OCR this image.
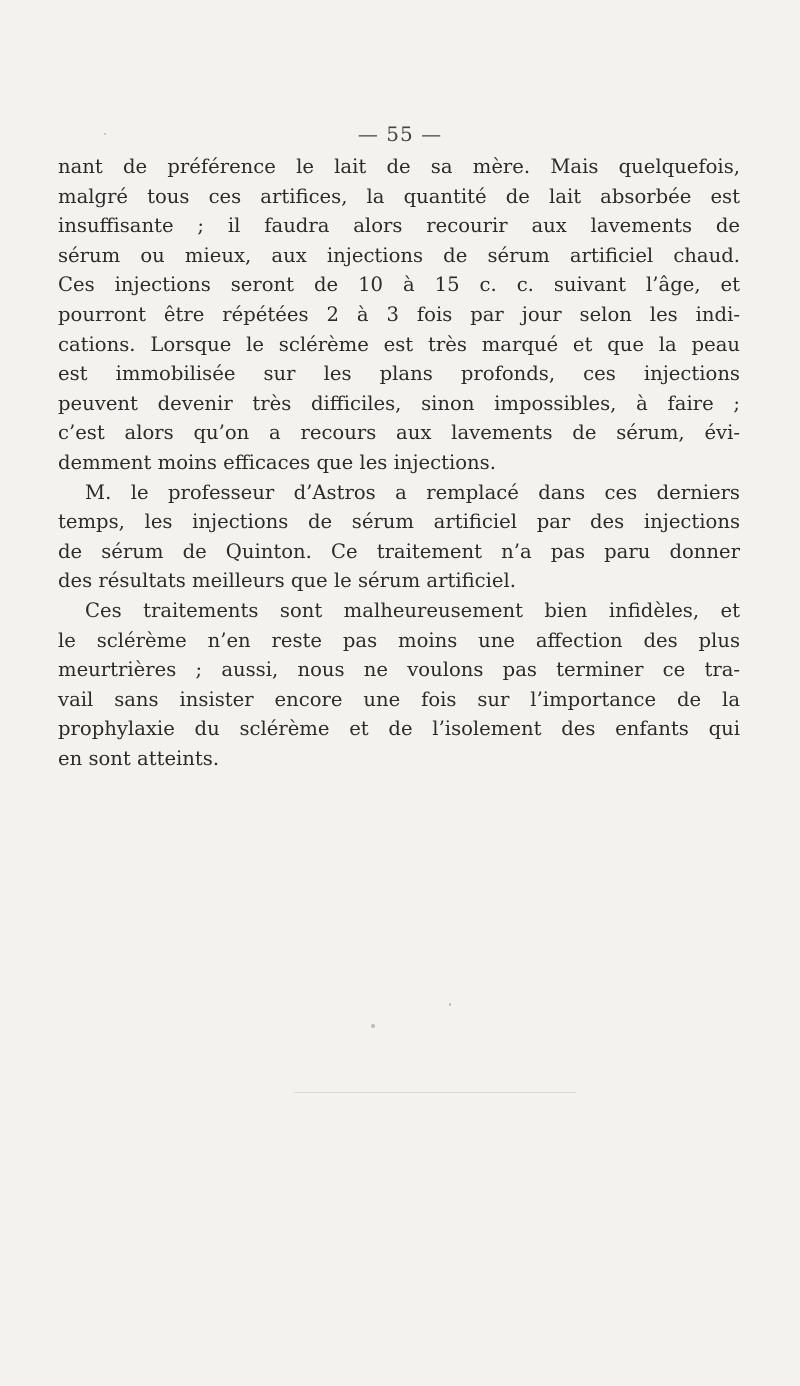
— 55 —
nant de préférence le lait de sa mère. Mais quelquefois,
malgré tous ces artifices, la quantité de lait absorbée est
insuffisante ; il faudra alors recourir aux lavements de
sérum ou mieux, aux injections de sérum artificiel chaud.
Ces injections seront de 10 à 15 c. c. suivant l’âge, et
pourront être répétées 2 à 3 fois par jour selon les indi-
cations. Lorsque le sclérème est très marqué et que la peau
est immobilisée sur les plans profonds, ces injections
peuvent devenir très difficiles, sinon impossibles, à faire ;
c’est alors qu’on a recours aux lavements de sérum, évi-
demment moins efficaces que les injections.
M. le professeur d’Astros a remplacé dans ces derniers
temps, les injections de sérum artificiel par des injections
de sérum de Quinton. Ce traitement n’a pas paru donner
des résultats meilleurs que le sérum artificiel.
Ces traitements sont malheureusement bien infidèles, et
le sclérème n’en reste pas moins une affection des plus
meurtrières ; aussi, nous ne voulons pas terminer ce tra-
vail sans insister encore une fois sur l’importance de la
prophylaxie du sclérème et de l’isolement des enfants qui
en sont atteints.
